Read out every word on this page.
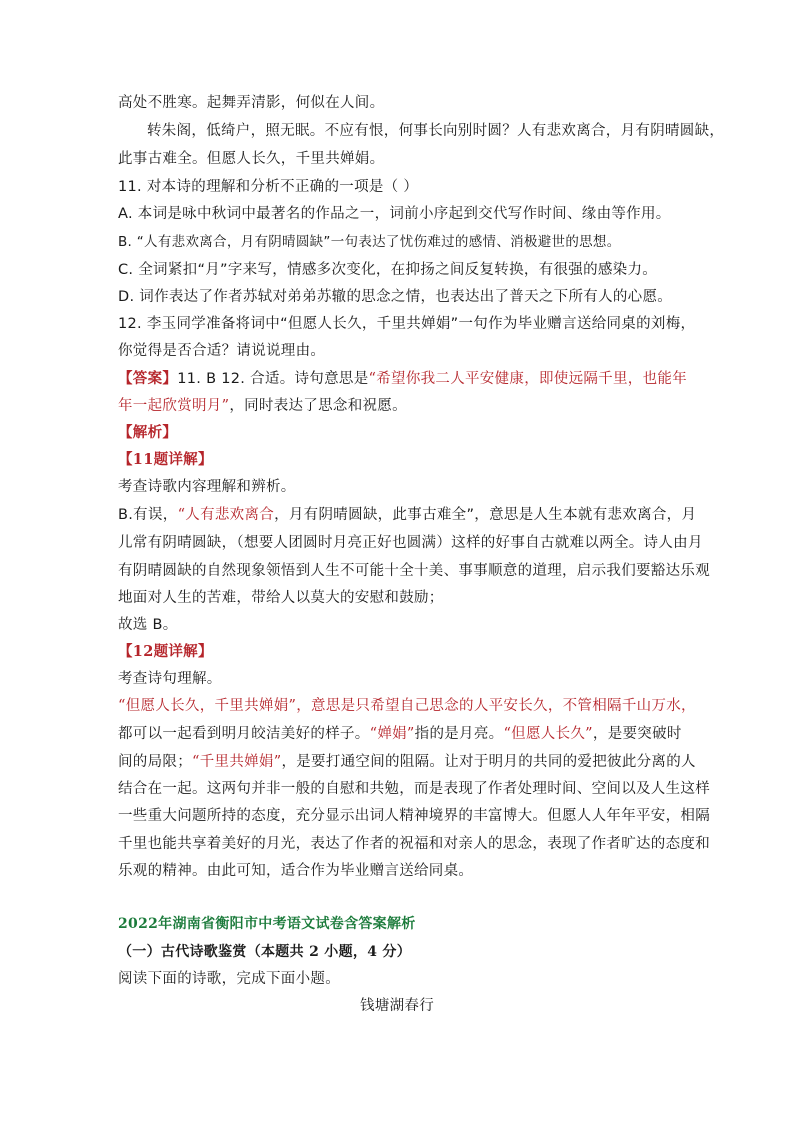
高处不胜寒。起舞弄清影，何似在人间。
转朱阁，低绮户，照无眠。不应有恨，何事长向别时圆？人有悲欢离合，月有阴晴圆缺，
此事古难全。但愿人长久，千里共婵娟。
11. 对本诗的理解和分析不正确的一项是（ ）
A. 本词是咏中秋词中最著名的作品之一，词前小序起到交代写作时间、缘由等作用。
B. “人有悲欢离合，月有阴晴圆缺”一句表达了忧伤难过的感情、消极避世的思想。
C. 全词紧扣“月”字来写，情感多次变化，在抑扬之间反复转换，有很强的感染力。
D. 词作表达了作者苏轼对弟弟苏辙的思念之情，也表达出了普天之下所有人的心愿。
12. 李玉同学准备将词中“但愿人长久，千里共婵娟”一句作为毕业赠言送给同桌的刘梅，
你觉得是否合适？请说说理由。
【答案】11. B 12. 合适。诗句意思是“希望你我二人平安健康，即使远隔千里，也能年
年一起欣赏明月”，同时表达了思念和祝愿。
【解析】
【11题详解】
考查诗歌内容理解和辨析。
B.有误，“人有悲欢离合，月有阴晴圆缺，此事古难全”，意思是人生本就有悲欢离合，月
儿常有阴晴圆缺，（想要人团圆时月亮正好也圆满）这样的好事自古就难以两全。诗人由月
有阴晴圆缺的自然现象领悟到人生不可能十全十美、事事顺意的道理，启示我们要豁达乐观
地面对人生的苦难，带给人以莫大的安慰和鼓励；
故选 B。
【12题详解】
考查诗句理解。
“但愿人长久，千里共婵娟”，意思是只希望自己思念的人平安长久，不管相隔千山万水，
都可以一起看到明月皎洁美好的样子。“婵娟”指的是月亮。“但愿人长久”，是要突破时
间的局限；“千里共婵娟”，是要打通空间的阻隔。让对于明月的共同的爱把彼此分离的人
结合在一起。这两句并非一般的自慰和共勉，而是表现了作者处理时间、空间以及人生这样
一些重大问题所持的态度，充分显示出词人精神境界的丰富博大。但愿人人年年平安，相隔
千里也能共享着美好的月光，表达了作者的祝福和对亲人的思念，表现了作者旷达的态度和
乐观的精神。由此可知，适合作为毕业赠言送给同桌。
2022年湖南省衡阳市中考语文试卷含答案解析
（一）古代诗歌鉴赏（本题共 2 小题，4 分）
阅读下面的诗歌，完成下面小题。
钱塘湖春行
